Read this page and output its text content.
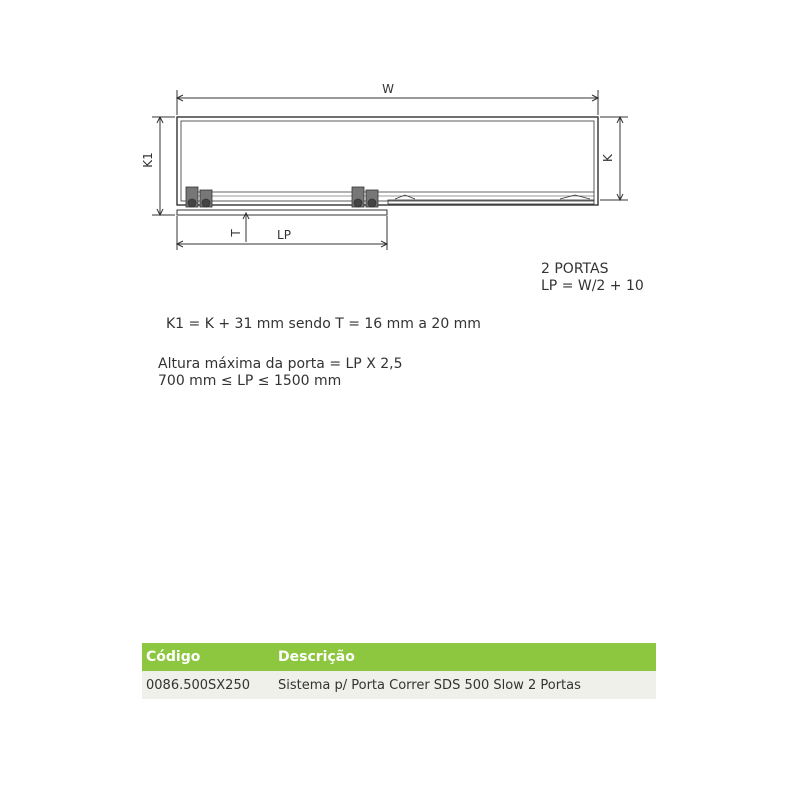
W
K1	K
T	LP
2 PORTAS
LP = W/2 + 10
K1 = K + 31 mm sendo T = 16 mm a 20 mm
Altura máxima da porta = LP X 2,5
700 mm ≤ LP ≤ 1500 mm
Código	Descrição
0086.500SX250	Sistema p/ Porta Correr SDS 500 Slow 2 Portas
